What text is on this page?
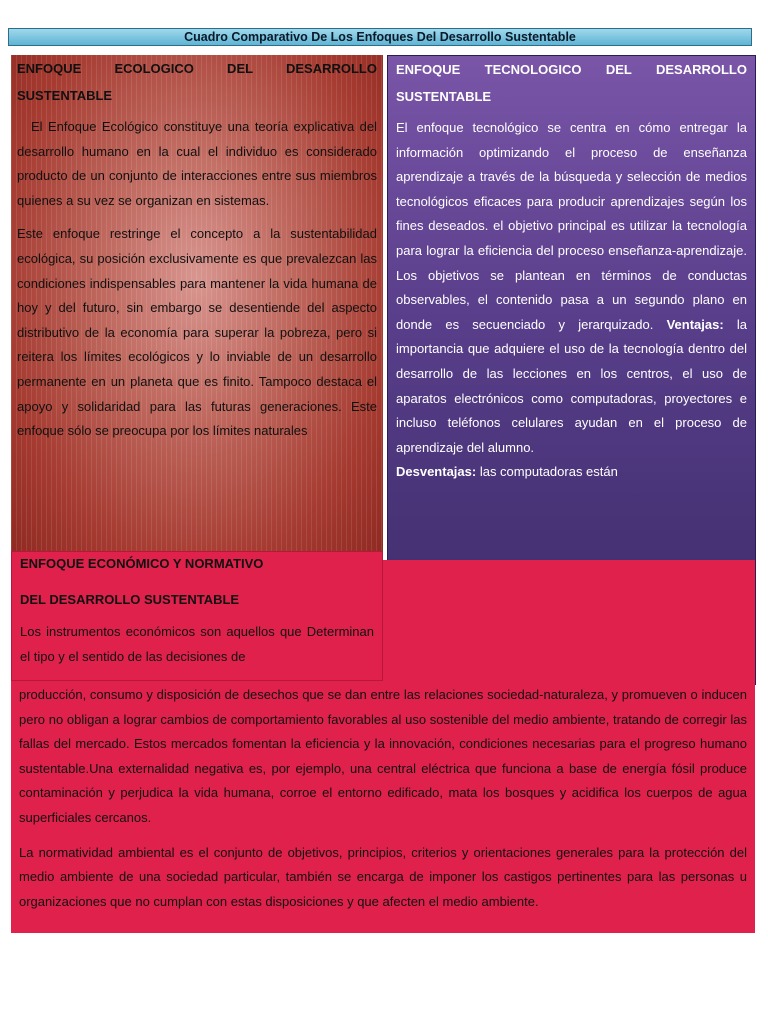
Cuadro Comparativo De Los Enfoques Del Desarrollo Sustentable

ENFOQUE ECOLOGICO DEL DESARROLLO SUSTENTABLE

El Enfoque Ecológico constituye una teoría explicativa del desarrollo humano en la cual el individuo es considerado producto de un conjunto de interacciones entre sus miembros quienes a su vez se organizan en sistemas.

Este enfoque restringe el concepto a la sustentabilidad ecológica, su posición exclusivamente es que prevalezcan las condiciones indispensables para mantener la vida humana de hoy y del futuro, sin embargo se desentiende del aspecto distributivo de la economía para superar la pobreza, pero si reitera los límites ecológicos y lo inviable de un desarrollo permanente en un planeta que es finito. Tampoco destaca el apoyo y solidaridad para las futuras generaciones. Este enfoque sólo se preocupa por los límites naturales

ENFOQUE TECNOLOGICO DEL DESARROLLO SUSTENTABLE

El enfoque tecnológico se centra en cómo entregar la información optimizando el proceso de enseñanza aprendizaje a través de la búsqueda y selección de medios tecnológicos eficaces para producir aprendizajes según los fines deseados. el objetivo principal es utilizar la tecnología para lograr la eficiencia del proceso enseñanza-aprendizaje. Los objetivos se plantean en términos de conductas observables, el contenido pasa a un segundo plano en donde es secuenciado y jerarquizado. Ventajas: la importancia que adquiere el uso de la tecnología dentro del desarrollo de las lecciones en los centros, el uso de aparatos electrónicos como computadoras, proyectores e incluso teléfonos celulares ayudan en el proceso de aprendizaje del alumno.

Desventajas: las computadoras están

ENFOQUE ECONÓMICO Y NORMATIVO

DEL DESARROLLO SUSTENTABLE

Los instrumentos económicos son aquellos que Determinan el tipo y el sentido de las decisiones de

producción, consumo y disposición de desechos que se dan entre las relaciones sociedad-naturaleza, y promueven o inducen pero no obligan a lograr cambios de comportamiento favorables al uso sostenible del medio ambiente, tratando de corregir las fallas del mercado. Estos mercados fomentan la eficiencia y la innovación, condiciones necesarias para el progreso humano sustentable.Una externalidad negativa es, por ejemplo, una central eléctrica que funciona a base de energía fósil produce contaminación y perjudica la vida humana, corroe el entorno edificado, mata los bosques y acidifica los cuerpos de agua superficiales cercanos.

La normatividad ambiental es el conjunto de objetivos, principios, criterios y orientaciones generales para la protección del medio ambiente de una sociedad particular, también se encarga de imponer los castigos pertinentes para las personas u organizaciones que no cumplan con estas disposiciones y que afecten el medio ambiente.
